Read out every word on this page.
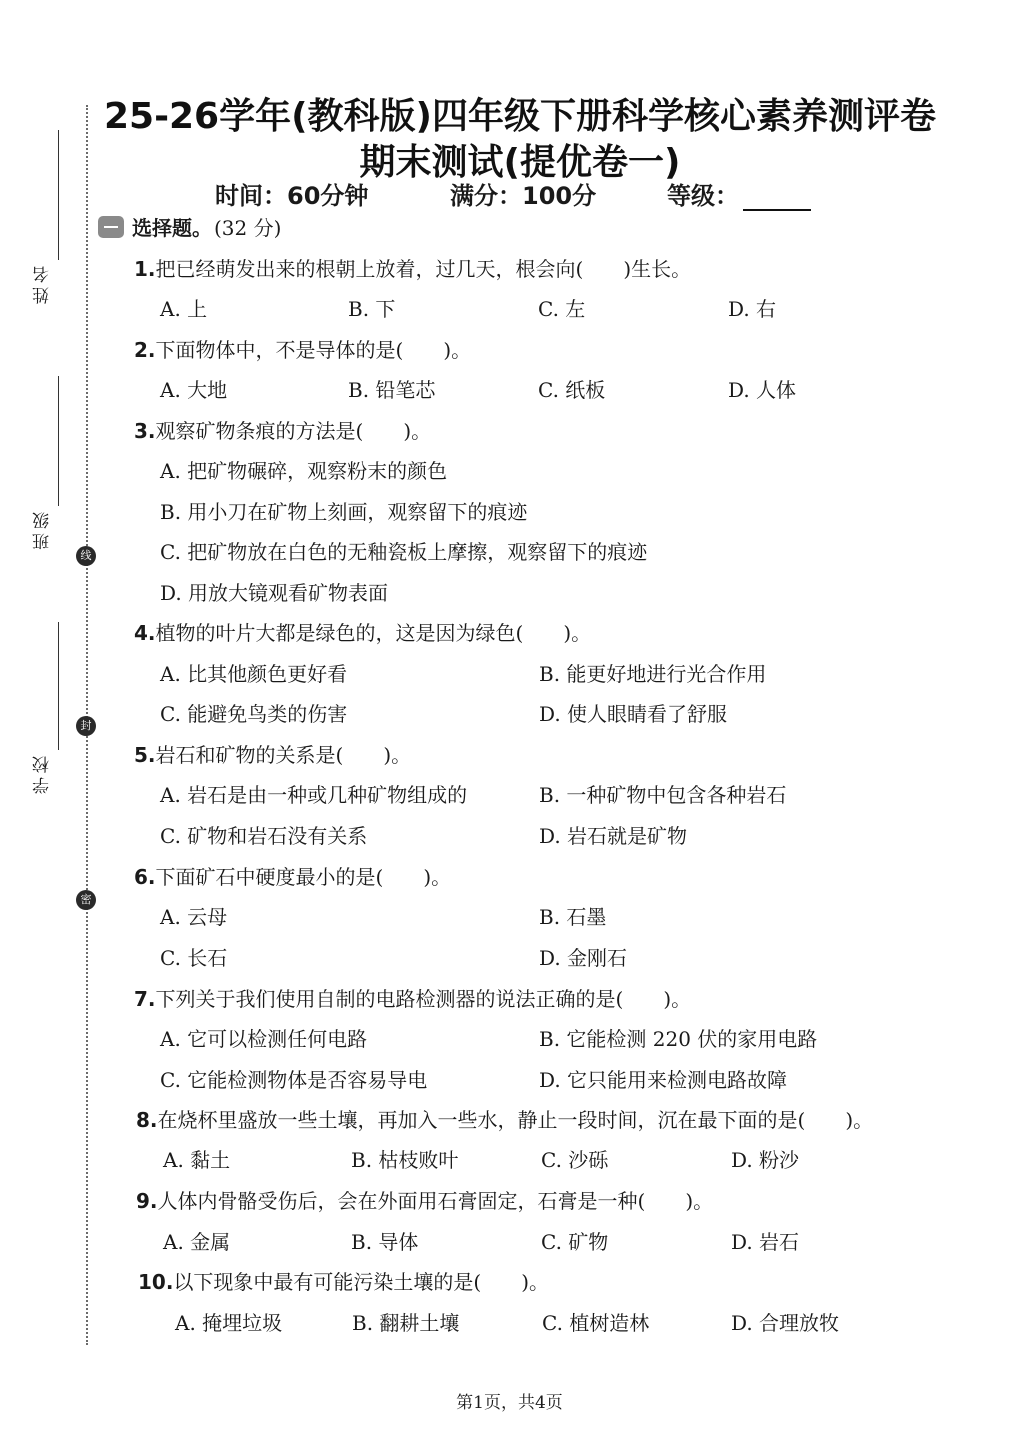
姓名
班级
学校
线
封
密
25-26学年(教科版)四年级下册科学核心素养测评卷
期末测试(提优卷一)
时间：60分钟	满分：100分	等级：
选择题。 (32 分)
1.把已经萌发出来的根朝上放着，过几天，根会向(　　)生长。
A. 上	B. 下	C. 左	D. 右
2.下面物体中，不是导体的是(　　)。
A. 大地	B. 铅笔芯	C. 纸板	D. 人体
3.观察矿物条痕的方法是(　　)。
A. 把矿物碾碎，观察粉末的颜色
B. 用小刀在矿物上刻画，观察留下的痕迹
C. 把矿物放在白色的无釉瓷板上摩擦，观察留下的痕迹
D. 用放大镜观看矿物表面
4.植物的叶片大都是绿色的，这是因为绿色(　　)。
A. 比其他颜色更好看	B. 能更好地进行光合作用
C. 能避免鸟类的伤害	D. 使人眼睛看了舒服
5.岩石和矿物的关系是(　　)。
A. 岩石是由一种或几种矿物组成的	B. 一种矿物中包含各种岩石
C. 矿物和岩石没有关系	D. 岩石就是矿物
6.下面矿石中硬度最小的是(　　)。
A. 云母	B. 石墨
C. 长石	D. 金刚石
7.下列关于我们使用自制的电路检测器的说法正确的是(　　)。
A. 它可以检测任何电路	B. 它能检测 220 伏的家用电路
C. 它能检测物体是否容易导电	D. 它只能用来检测电路故障
8.在烧杯里盛放一些土壤，再加入一些水，静止一段时间，沉在最下面的是(　　)。
A. 黏土	B. 枯枝败叶	C. 沙砾	D. 粉沙
9.人体内骨骼受伤后，会在外面用石膏固定，石膏是一种(　　)。
A. 金属	B. 导体	C. 矿物	D. 岩石
10.以下现象中最有可能污染土壤的是(　　)。
A. 掩埋垃圾	B. 翻耕土壤	C. 植树造林	D. 合理放牧
第1页，共4页
